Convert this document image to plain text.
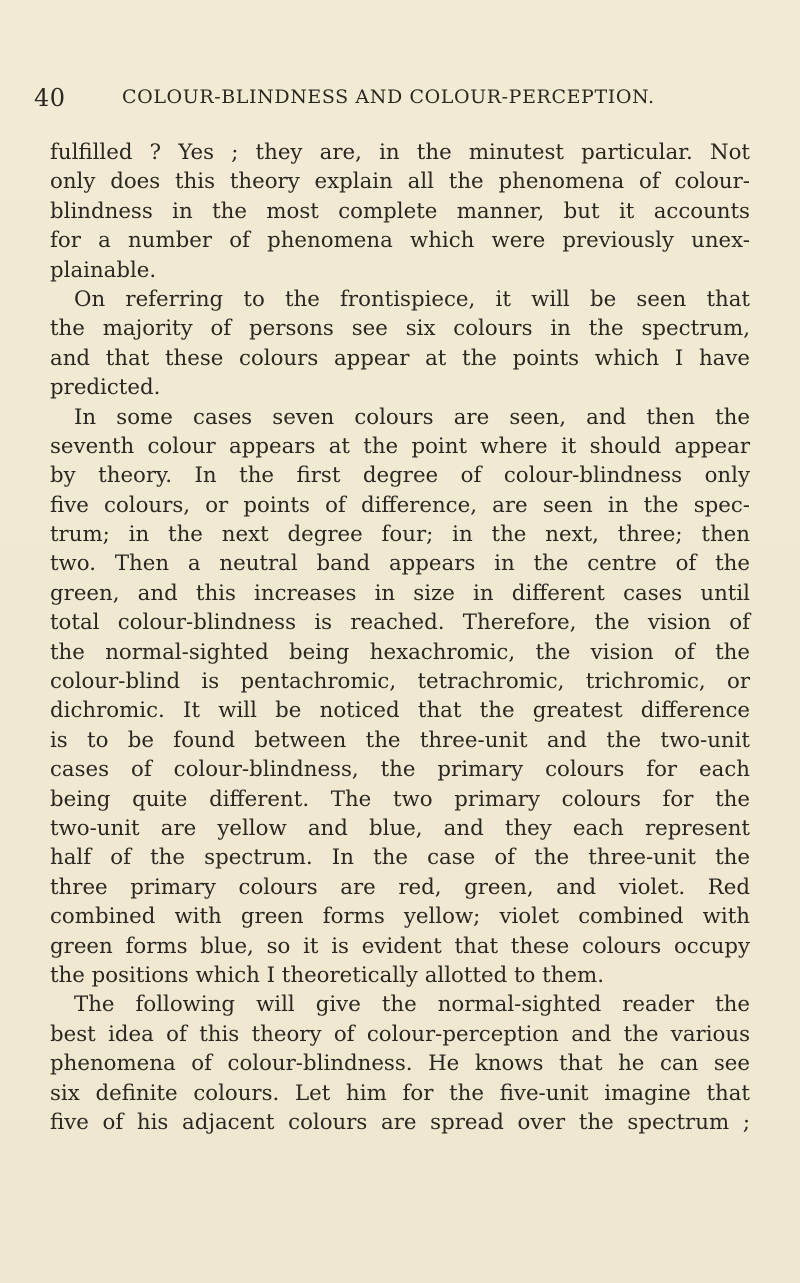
40	COLOUR-BLINDNESS AND COLOUR-PERCEPTION.
fulfilled ? Yes ; they are, in the minutest particular. Not
only does this theory explain all the phenomena of colour-
blindness in the most complete manner, but it accounts
for a number of phenomena which were previously unex-
plainable.
On referring to the frontispiece, it will be seen that
the majority of persons see six colours in the spectrum,
and that these colours appear at the points which I have
predicted.
In some cases seven colours are seen, and then the
seventh colour appears at the point where it should appear
by theory. In the first degree of colour-blindness only
five colours, or points of difference, are seen in the spec-
trum; in the next degree four; in the next, three; then
two. Then a neutral band appears in the centre of the
green, and this increases in size in different cases until
total colour-blindness is reached. Therefore, the vision of
the normal-sighted being hexachromic, the vision of the
colour-blind is pentachromic, tetrachromic, trichromic, or
dichromic. It will be noticed that the greatest difference
is to be found between the three-unit and the two-unit
cases of colour-blindness, the primary colours for each
being quite different. The two primary colours for the
two-unit are yellow and blue, and they each represent
half of the spectrum. In the case of the three-unit the
three primary colours are red, green, and violet. Red
combined with green forms yellow; violet combined with
green forms blue, so it is evident that these colours occupy
the positions which I theoretically allotted to them.
The following will give the normal-sighted reader the
best idea of this theory of colour-perception and the various
phenomena of colour-blindness. He knows that he can see
six definite colours. Let him for the five-unit imagine that
five of his adjacent colours are spread over the spectrum ;
